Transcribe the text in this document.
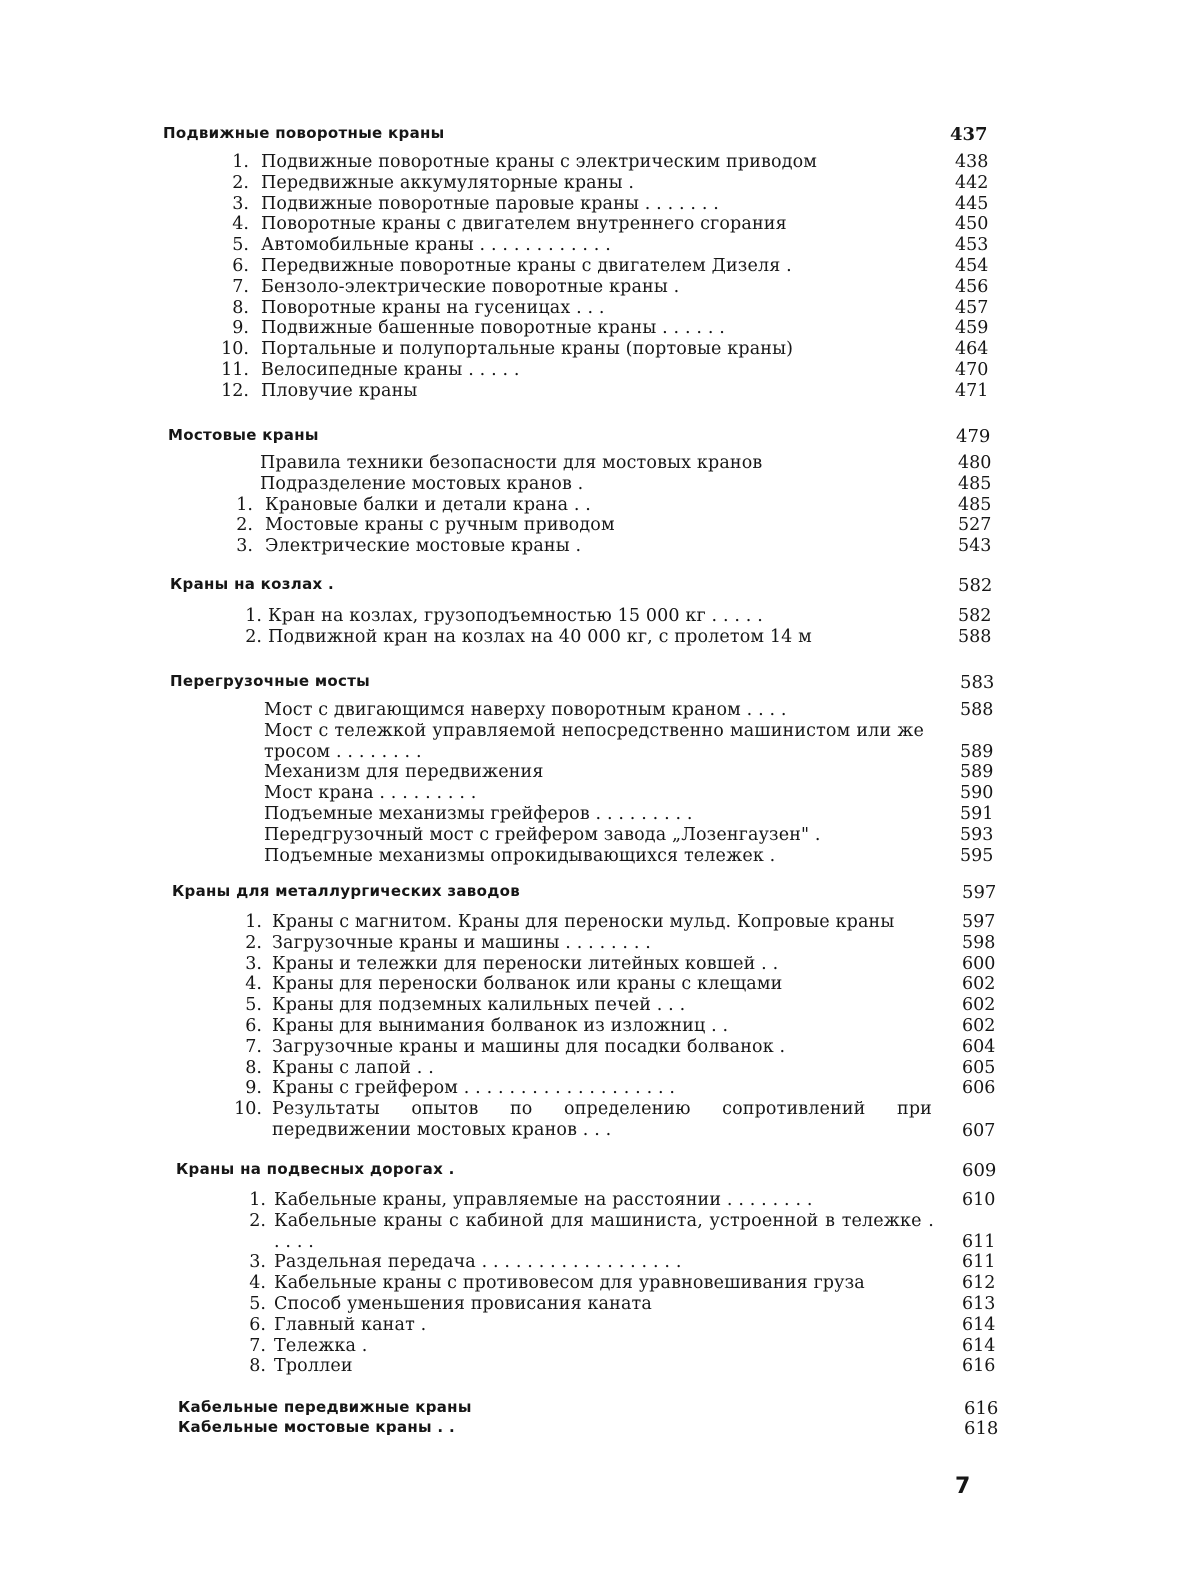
Подвижные поворотные краны	437
1. Подвижные поворотные краны с электрическим приводом	438
2. Передвижные аккумуляторные краны .	442
3. Подвижные поворотные паровые краны . . . . . . .	445
4. Поворотные краны с двигателем внутреннего сгорания	450
5. Автомобильные краны . . . . . . . . . . . .	453
6. Передвижные поворотные краны с двигателем Дизеля .	454
7. Бензоло-электрические поворотные краны .	456
8. Поворотные краны на гусеницах . . .	457
9. Подвижные башенные поворотные краны . . . . . .	459
10. Портальные и полупортальные краны (портовые краны)	464
11. Велосипедные краны . . . . .	470
12. Пловучие краны	471
Мостовые краны	479
Правила техники безопасности для мостовых кранов	480
Подразделение мостовых кранов .	485
1. Крановые балки и детали крана . .	485
2. Мостовые краны с ручным приводом	527
3. Электрические мостовые краны .	543
Краны на козлах .	582
1. Кран на козлах, грузоподъемностью 15 000 кг . . . . .	582
2. Подвижной кран на козлах на 40 000 кг, с пролетом 14 м	588
Перегрузочные мосты	583
Мост с двигающимся наверху поворотным краном . . . .	588
Мост с тележкой управляемой непосредственно машинистом или же тросом . . . . . . . .	589
Механизм для передвижения	589
Мост крана . . . . . . . . .	590
Подъемные механизмы грейферов . . . . . . . . .	591
Передгрузочный мост с грейфером завода „Лозенгаузен" .	593
Подъемные механизмы опрокидывающихся тележек .	595
Краны для металлургических заводов	597
1. Краны с магнитом. Краны для переноски мульд. Копровые краны	597
2. Загрузочные краны и машины . . . . . . . .	598
3. Краны и тележки для переноски литейных ковшей . .	600
4. Краны для переноски болванок или краны с клещами	602
5. Краны для подземных калильных печей . . .	602
6. Краны для вынимания болванок из изложниц . .	602
7. Загрузочные краны и машины для посадки болванок .	604
8. Краны с лапой . .	605
9. Краны с грейфером . . . . . . . . . . . . . . . . . . .	606
10. Результаты опытов по определению сопротивлений при передвижении мостовых кранов . . .	607
Краны на подвесных дорогах .	609
1. Кабельные краны, управляемые на расстоянии . . . . . . . .	610
2. Кабельные краны с кабиной для машиниста, устроенной в тележке . . . . .	611
3. Раздельная передача . . . . . . . . . . . . . . . . . .	611
4. Кабельные краны с противовесом для уравновешивания груза	612
5. Способ уменьшения провисания каната	613
6. Главный канат .	614
7. Тележка .	614
8. Троллеи	616
Кабельные передвижные краны	616
Кабельные мостовые краны . .	618
7
